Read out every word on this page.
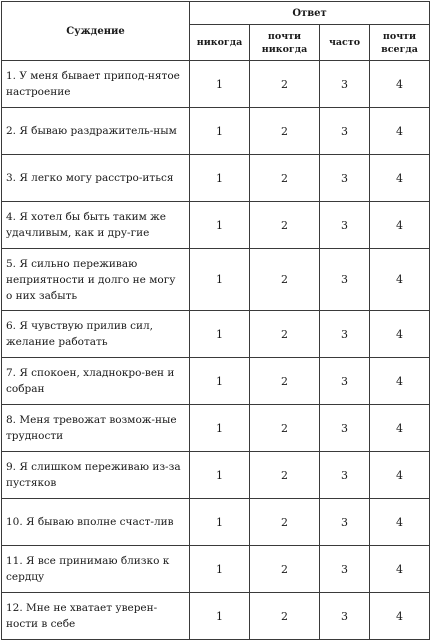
Суждение	Ответ			
	никогда	почти никогда	часто	почти всегда
1. У меня бывает припод-нятое настроение	1	2	3	4
2. Я бываю раздражитель-ным	1	2	3	4
3. Я легко могу расстро-иться	1	2	3	4
4. Я хотел бы быть таким же удачливым, как и дру-гие	1	2	3	4
5. Я сильно переживаю неприятности и долго не могу о них забыть	1	2	3	4
6. Я чувствую прилив сил, желание работать	1	2	3	4
7. Я спокоен, хладнокро-вен и собран	1	2	3	4
8. Меня тревожат возмож-ные трудности	1	2	3	4
9. Я слишком переживаю из-за пустяков	1	2	3	4
10. Я бываю вполне счаст-лив	1	2	3	4
11. Я все принимаю близко к сердцу	1	2	3	4
12. Мне не хватает уверен-ности в себе	1	2	3	4
